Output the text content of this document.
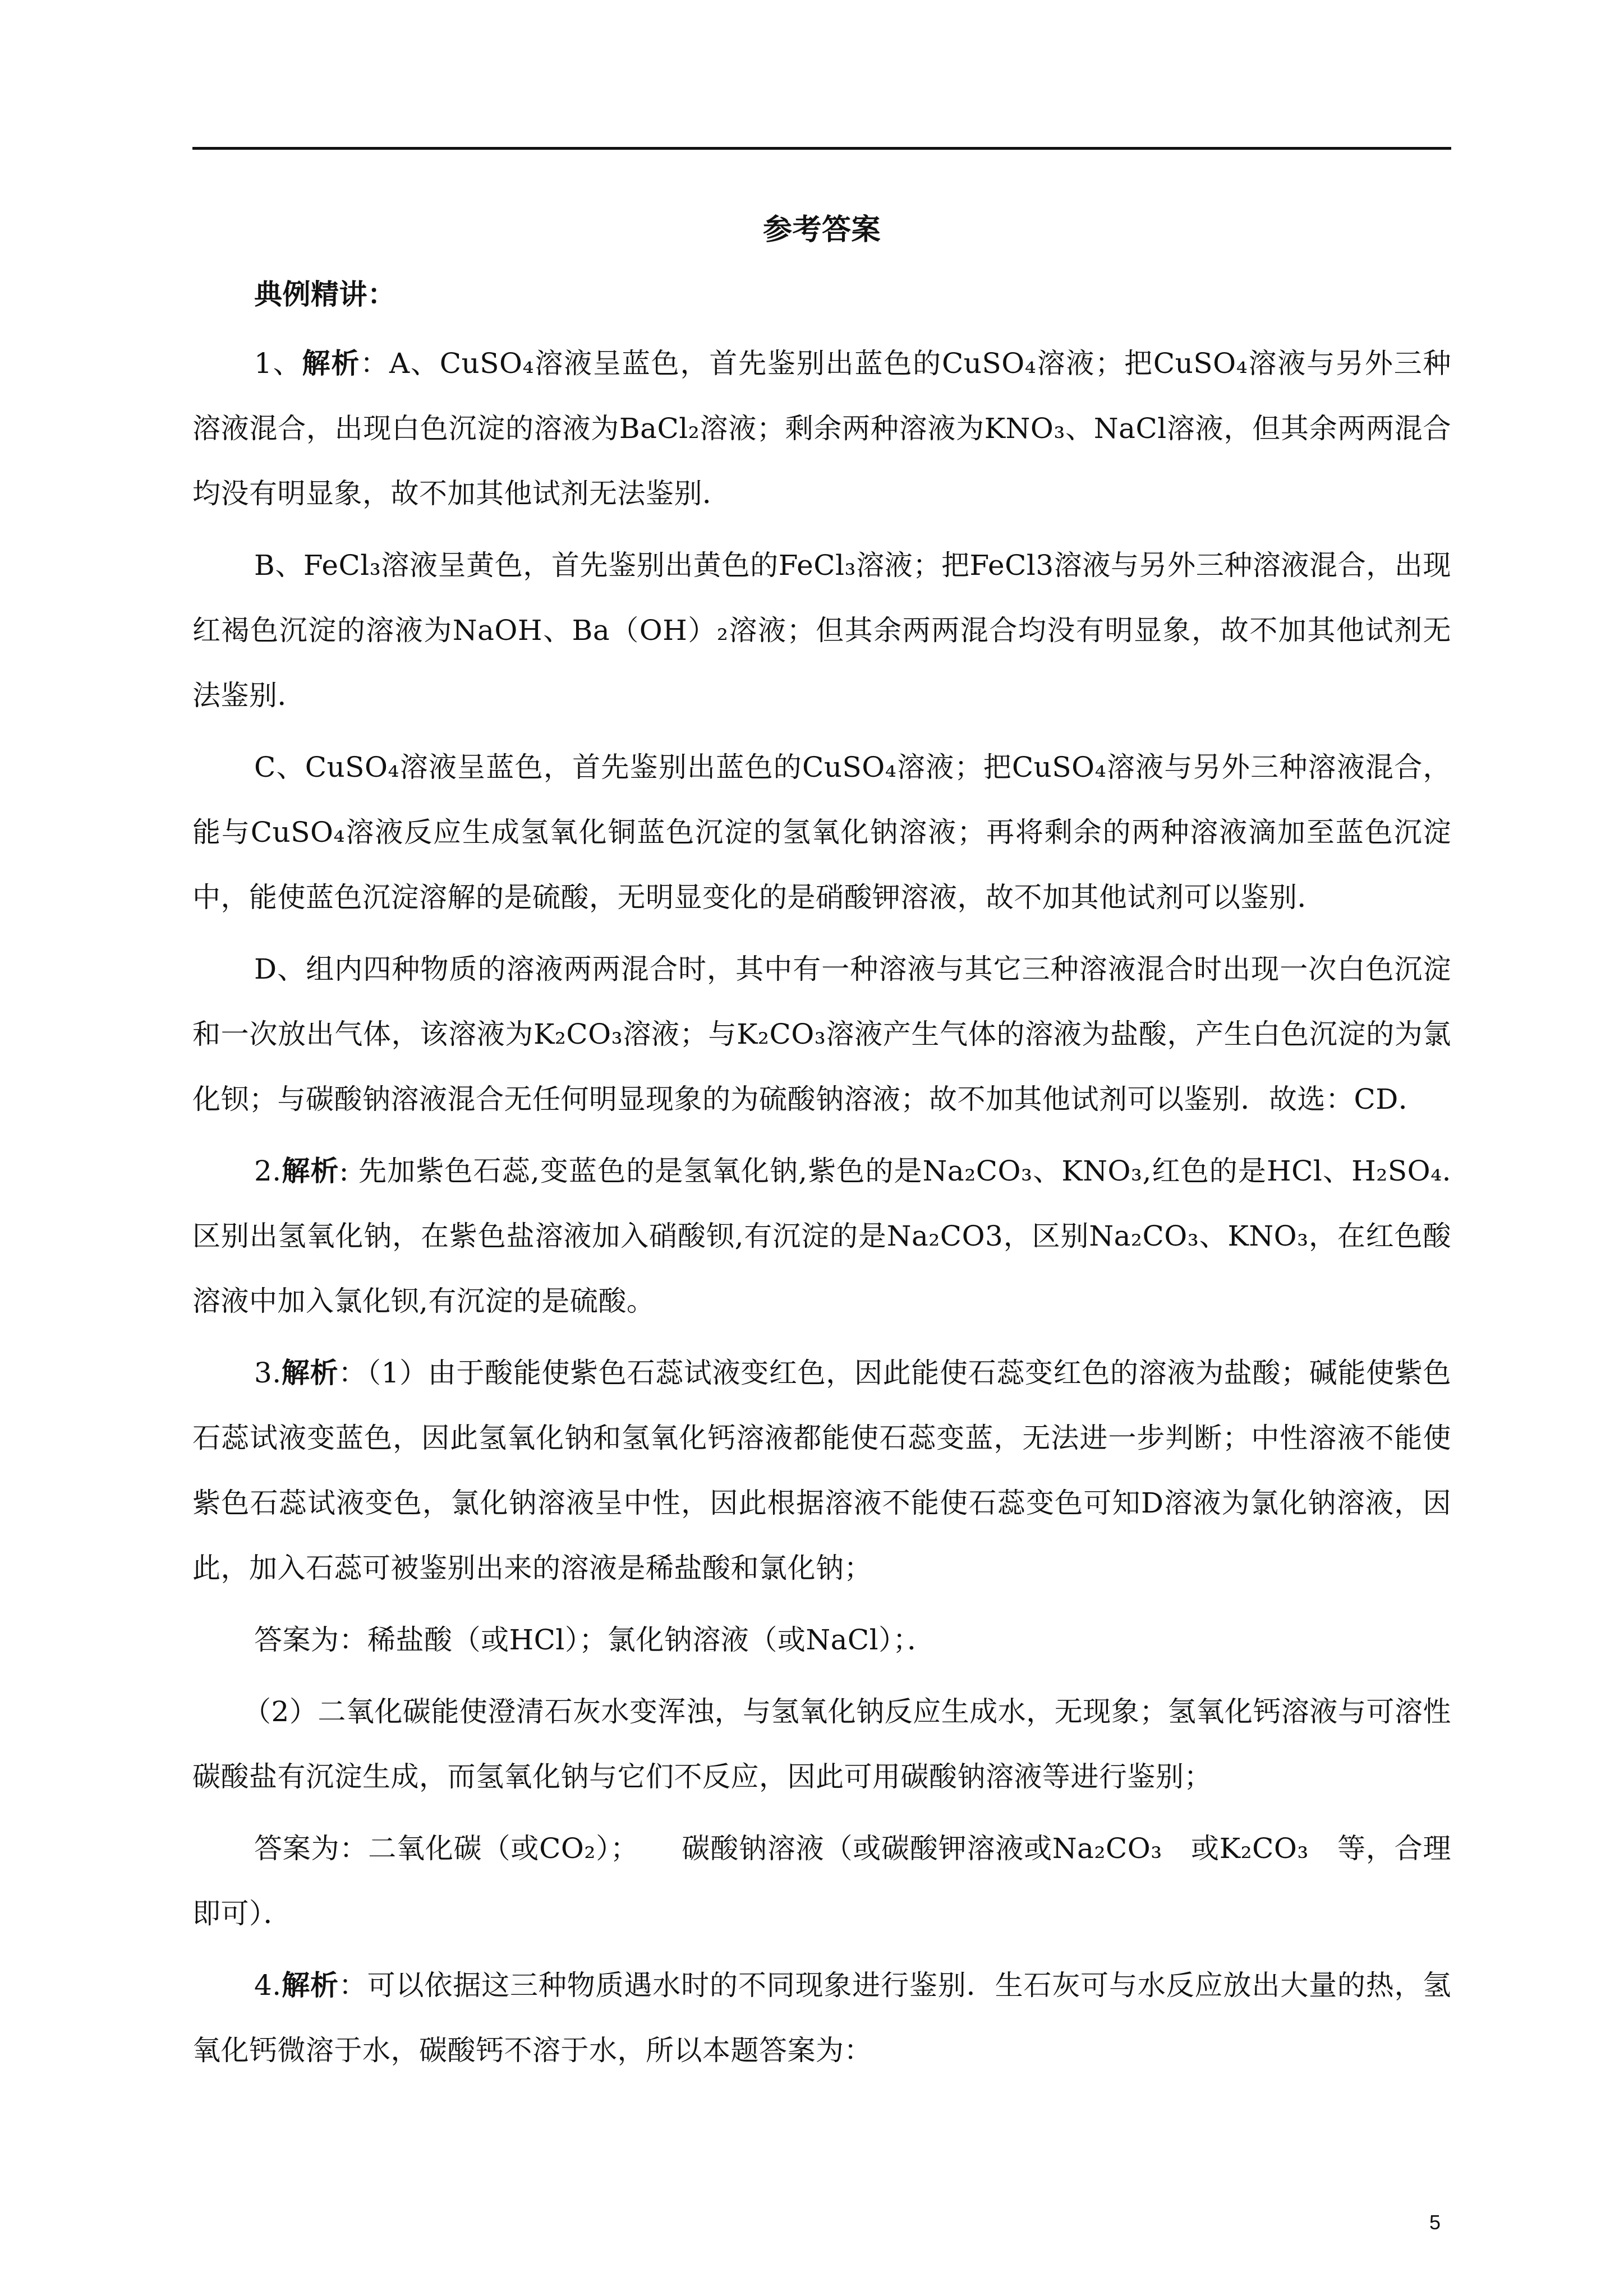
参考答案

典例精讲：

1、解析：A、CuSO₄溶液呈蓝色，首先鉴别出蓝色的CuSO₄溶液；把CuSO₄溶液与另外三种溶液混合，出现白色沉淀的溶液为BaCl₂溶液；剩余两种溶液为KNO₃、NaCl溶液，但其余两两混合均没有明显象，故不加其他试剂无法鉴别．

B、FeCl₃溶液呈黄色，首先鉴别出黄色的FeCl₃溶液；把FeCl3溶液与另外三种溶液混合，出现红褐色沉淀的溶液为NaOH、Ba（OH）₂溶液；但其余两两混合均没有明显象，故不加其他试剂无法鉴别．

C、CuSO₄溶液呈蓝色，首先鉴别出蓝色的CuSO₄溶液；把CuSO₄溶液与另外三种溶液混合，能与CuSO₄溶液反应生成氢氧化铜蓝色沉淀的氢氧化钠溶液；再将剩余的两种溶液滴加至蓝色沉淀中，能使蓝色沉淀溶解的是硫酸，无明显变化的是硝酸钾溶液，故不加其他试剂可以鉴别．

D、组内四种物质的溶液两两混合时，其中有一种溶液与其它三种溶液混合时出现一次白色沉淀和一次放出气体，该溶液为K₂CO₃溶液；与K₂CO₃溶液产生气体的溶液为盐酸，产生白色沉淀的为氯化钡；与碳酸钠溶液混合无任何明显现象的为硫酸钠溶液；故不加其他试剂可以鉴别．故选：CD．

2.解析: 先加紫色石蕊,变蓝色的是氢氧化钠,紫色的是Na₂CO₃、KNO₃,红色的是HCl、H₂SO₄.区别出氢氧化钠，在紫色盐溶液加入硝酸钡,有沉淀的是Na₂CO3，区别Na₂CO₃、KNO₃，在红色酸溶液中加入氯化钡,有沉淀的是硫酸。

3.解析：（1）由于酸能使紫色石蕊试液变红色，因此能使石蕊变红色的溶液为盐酸；碱能使紫色石蕊试液变蓝色，因此氢氧化钠和氢氧化钙溶液都能使石蕊变蓝，无法进一步判断；中性溶液不能使紫色石蕊试液变色，氯化钠溶液呈中性，因此根据溶液不能使石蕊变色可知D溶液为氯化钠溶液，因此，加入石蕊可被鉴别出来的溶液是稀盐酸和氯化钠；

答案为：稀盐酸（或HCl）；氯化钠溶液（或NaCl）；．

（2）二氧化碳能使澄清石灰水变浑浊，与氢氧化钠反应生成水，无现象；氢氧化钙溶液与可溶性碳酸盐有沉淀生成，而氢氧化钠与它们不反应，因此可用碳酸钠溶液等进行鉴别；

答案为：二氧化碳（或CO₂）；　　碳酸钠溶液（或碳酸钾溶液或Na₂CO₃　或K₂CO₃　等，合理即可）．

4.解析：可以依据这三种物质遇水时的不同现象进行鉴别．生石灰可与水反应放出大量的热，氢氧化钙微溶于水，碳酸钙不溶于水，所以本题答案为：

5
